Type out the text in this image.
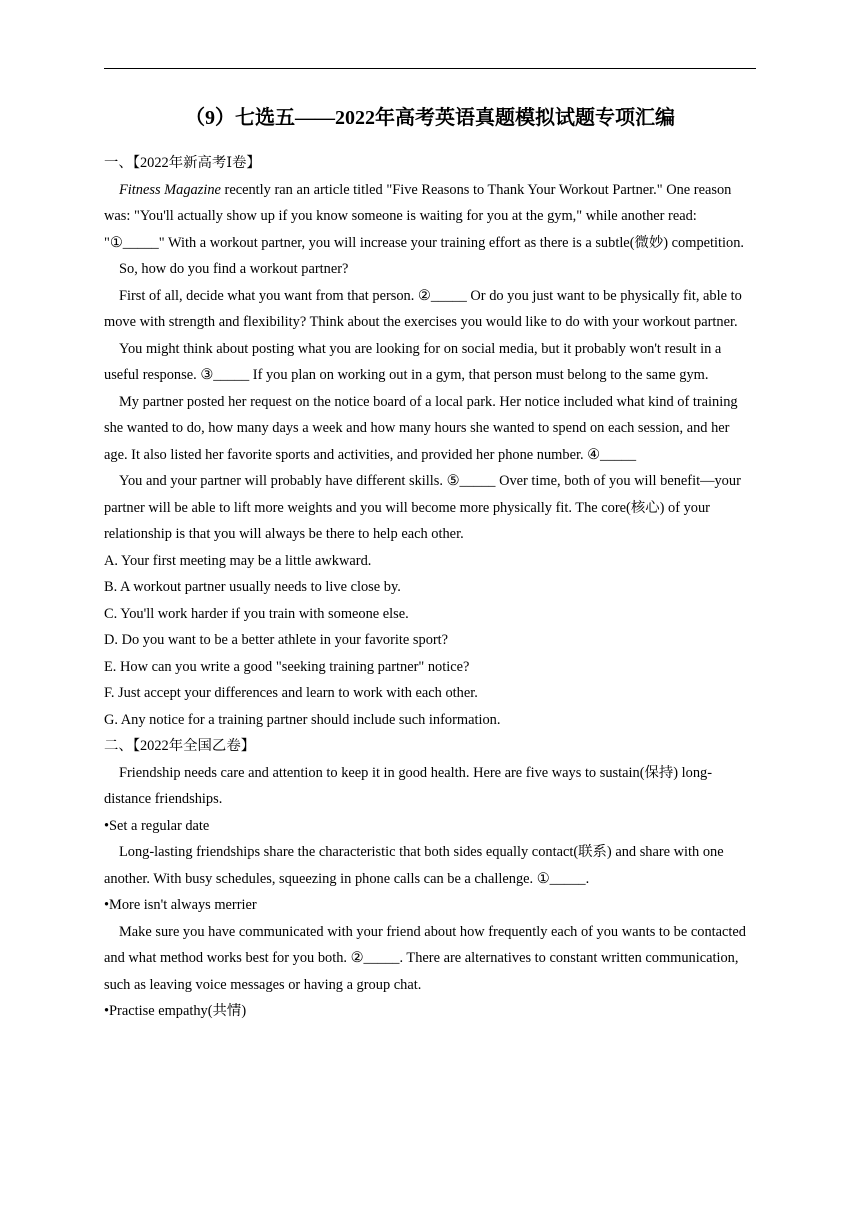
（9）七选五——2022年高考英语真题模拟试题专项汇编

一、【2022年新高考Ⅰ卷】

Fitness Magazine recently ran an article titled "Five Reasons to Thank Your Workout Partner." One reason was: "You'll actually show up if you know someone is waiting for you at the gym," while another read: "①_____" With a workout partner, you will increase your training effort as there is a subtle(微妙) competition.

So, how do you find a workout partner?

First of all, decide what you want from that person. ②_____ Or do you just want to be physically fit, able to move with strength and flexibility? Think about the exercises you would like to do with your workout partner.

You might think about posting what you are looking for on social media, but it probably won't result in a useful response. ③_____ If you plan on working out in a gym, that person must belong to the same gym.

My partner posted her request on the notice board of a local park. Her notice included what kind of training she wanted to do, how many days a week and how many hours she wanted to spend on each session, and her age. It also listed her favorite sports and activities, and provided her phone number. ④_____

You and your partner will probably have different skills. ⑤_____ Over time, both of you will benefit—your partner will be able to lift more weights and you will become more physically fit. The core(核心) of your relationship is that you will always be there to help each other.

A. Your first meeting may be a little awkward.

B. A workout partner usually needs to live close by.

C. You'll work harder if you train with someone else.

D. Do you want to be a better athlete in your favorite sport?

E. How can you write a good "seeking training partner" notice?

F. Just accept your differences and learn to work with each other.

G. Any notice for a training partner should include such information.

二、【2022年全国乙卷】

Friendship needs care and attention to keep it in good health. Here are five ways to sustain(保持) long-distance friendships.

•Set a regular date

Long-lasting friendships share the characteristic that both sides equally contact(联系) and share with one another. With busy schedules, squeezing in phone calls can be a challenge. ①_____.

•More isn't always merrier

Make sure you have communicated with your friend about how frequently each of you wants to be contacted and what method works best for you both. ②_____. There are alternatives to constant written communication, such as leaving voice messages or having a group chat.

•Practise empathy(共情)
